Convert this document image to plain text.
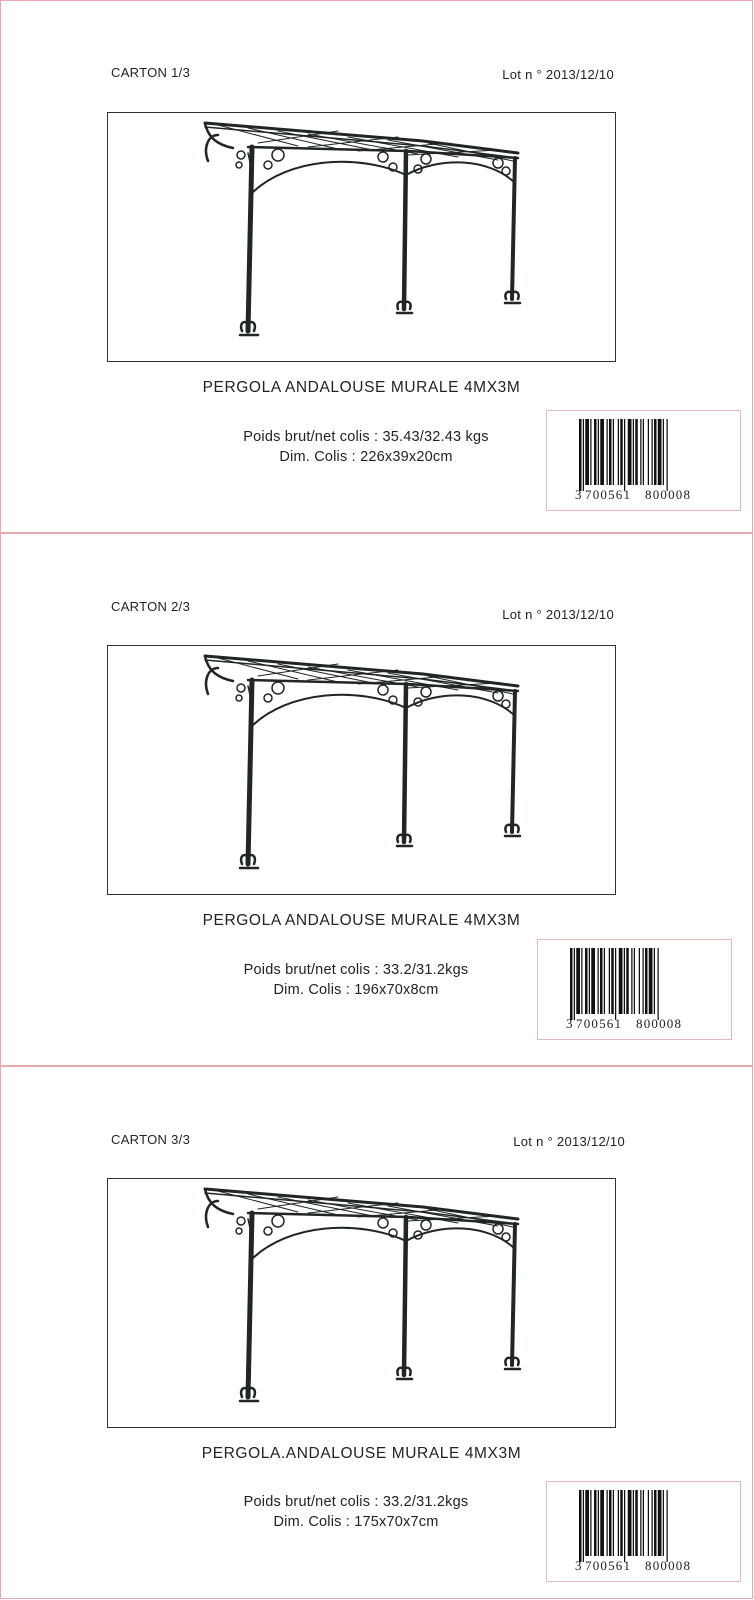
CARTON 1/3	Lot n ° 2013/12/10
PERGOLA ANDALOUSE MURALE 4MX3M
Poids brut/net colis : 35.43/32.43 kgs
Dim. Colis : 226x39x20cm
3 700561 800008
CARTON 2/3
Lot n ° 2013/12/10
PERGOLA ANDALOUSE MURALE 4MX3M
Poids brut/net colis : 33.2/31.2kgs
Dim. Colis : 196x70x8cm
3 700561 800008
CARTON 3/3	Lot n ° 2013/12/10
PERGOLA.ANDALOUSE MURALE 4MX3M
Poids brut/net colis : 33.2/31.2kgs
Dim. Colis : 175x70x7cm
3 700561 800008
